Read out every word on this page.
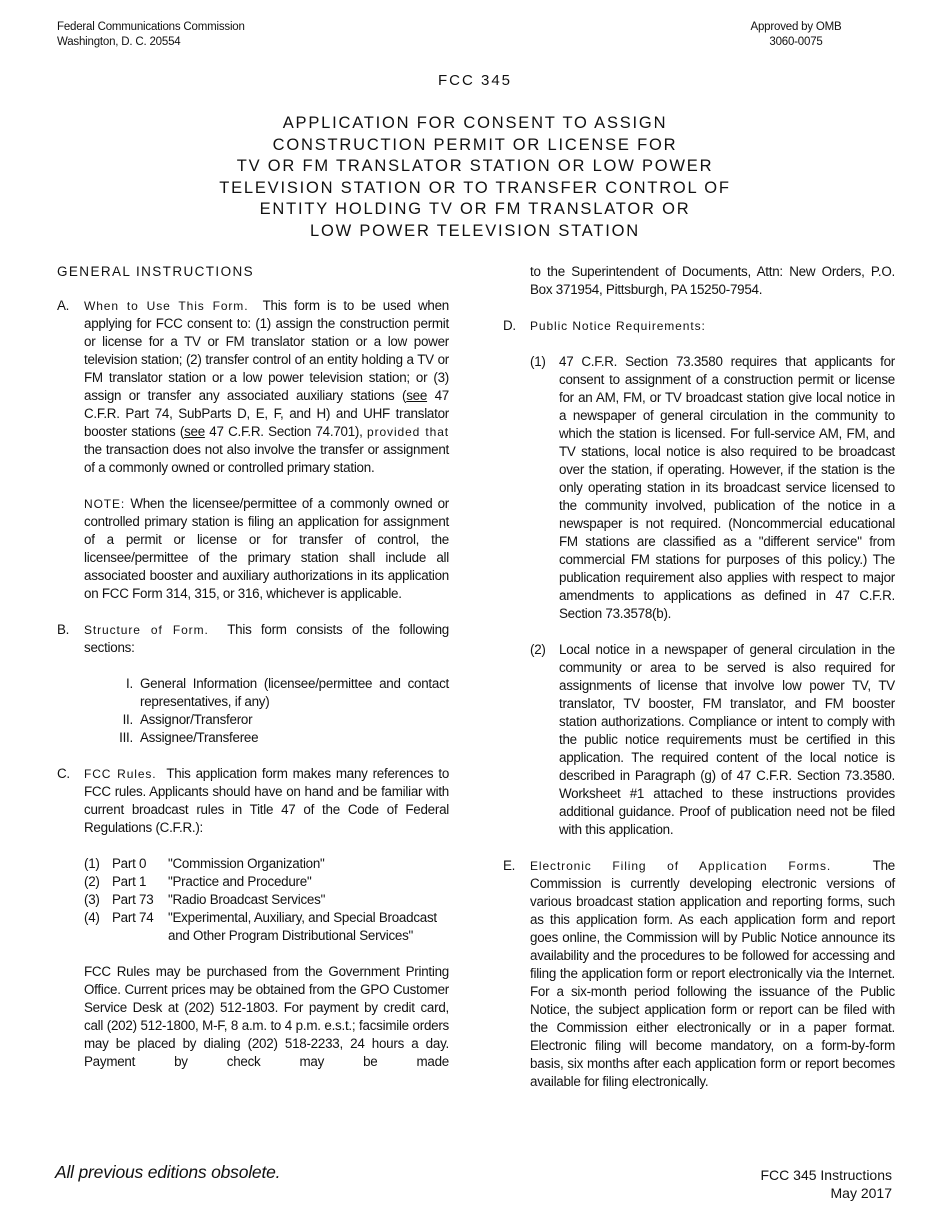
Federal Communications Commission
Washington, D. C. 20554
Approved by OMB
3060-0075
FCC 345
APPLICATION FOR CONSENT TO ASSIGN
CONSTRUCTION PERMIT OR LICENSE FOR
TV OR FM TRANSLATOR STATION OR LOW POWER
TELEVISION STATION OR TO TRANSFER CONTROL OF
ENTITY HOLDING TV OR FM TRANSLATOR OR
LOW POWER TELEVISION STATION
GENERAL INSTRUCTIONS
A. When to Use This Form. This form is to be used when applying for FCC consent to: (1) assign the construction permit or license for a TV or FM translator station or a low power television station; (2) transfer control of an entity holding a TV or FM translator station or a low power television station; or (3) assign or transfer any associated auxiliary stations (see 47 C.F.R. Part 74, SubParts D, E, F, and H) and UHF translator booster stations (see 47 C.F.R. Section 74.701), provided that the transaction does not also involve the transfer or assignment of a commonly owned or controlled primary station.
NOTE: When the licensee/permittee of a commonly owned or controlled primary station is filing an application for assignment of a permit or license or for transfer of control, the licensee/permittee of the primary station shall include all associated booster and auxiliary authorizations in its application on FCC Form 314, 315, or 316, whichever is applicable.
B. Structure of Form. This form consists of the following sections:
I. General Information (licensee/permittee and contact representatives, if any)
II. Assignor/Transferor
III. Assignee/Transferee
C. FCC Rules. This application form makes many references to FCC rules. Applicants should have on hand and be familiar with current broadcast rules in Title 47 of the Code of Federal Regulations (C.F.R.):
(1) Part 0	"Commission Organization"
(2) Part 1	"Practice and Procedure"
(3) Part 73	"Radio Broadcast Services"
(4) Part 74	"Experimental, Auxiliary, and Special Broadcast and Other Program Distributional Services"
FCC Rules may be purchased from the Government Printing Office. Current prices may be obtained from the GPO Customer Service Desk at (202) 512-1803. For payment by credit card, call (202) 512-1800, M-F, 8 a.m. to 4 p.m. e.s.t.; facsimile orders may be placed by dialing (202) 518-2233, 24 hours a day. Payment by check may be made
to the Superintendent of Documents, Attn: New Orders, P.O. Box 371954, Pittsburgh, PA 15250-7954.
D. Public Notice Requirements:
(1) 47 C.F.R. Section 73.3580 requires that applicants for consent to assignment of a construction permit or license for an AM, FM, or TV broadcast station give local notice in a newspaper of general circulation in the community to which the station is licensed. For full-service AM, FM, and TV stations, local notice is also required to be broadcast over the station, if operating. However, if the station is the only operating station in its broadcast service licensed to the community involved, publication of the notice in a newspaper is not required. (Noncommercial educational FM stations are classified as a "different service" from commercial FM stations for purposes of this policy.) The publication requirement also applies with respect to major amendments to applications as defined in 47 C.F.R. Section 73.3578(b).
(2) Local notice in a newspaper of general circulation in the community or area to be served is also required for assignments of license that involve low power TV, TV translator, TV booster, FM translator, and FM booster station authorizations. Compliance or intent to comply with the public notice requirements must be certified in this application. The required content of the local notice is described in Paragraph (g) of 47 C.F.R. Section 73.3580. Worksheet #1 attached to these instructions provides additional guidance. Proof of publication need not be filed with this application.
E. Electronic Filing of Application Forms.	The Commission is currently developing electronic versions of various broadcast station application and reporting forms, such as this application form. As each application form and report goes online, the Commission will by Public Notice announce its availability and the procedures to be followed for accessing and filing the application form or report electronically via the Internet. For a six-month period following the issuance of the Public Notice, the subject application form or report can be filed with the Commission either electronically or in a paper format. Electronic filing will become mandatory, on a form-by-form basis, six months after each application form or report becomes available for filing electronically.
All previous editions obsolete.	FCC 345 Instructions
May 2017
